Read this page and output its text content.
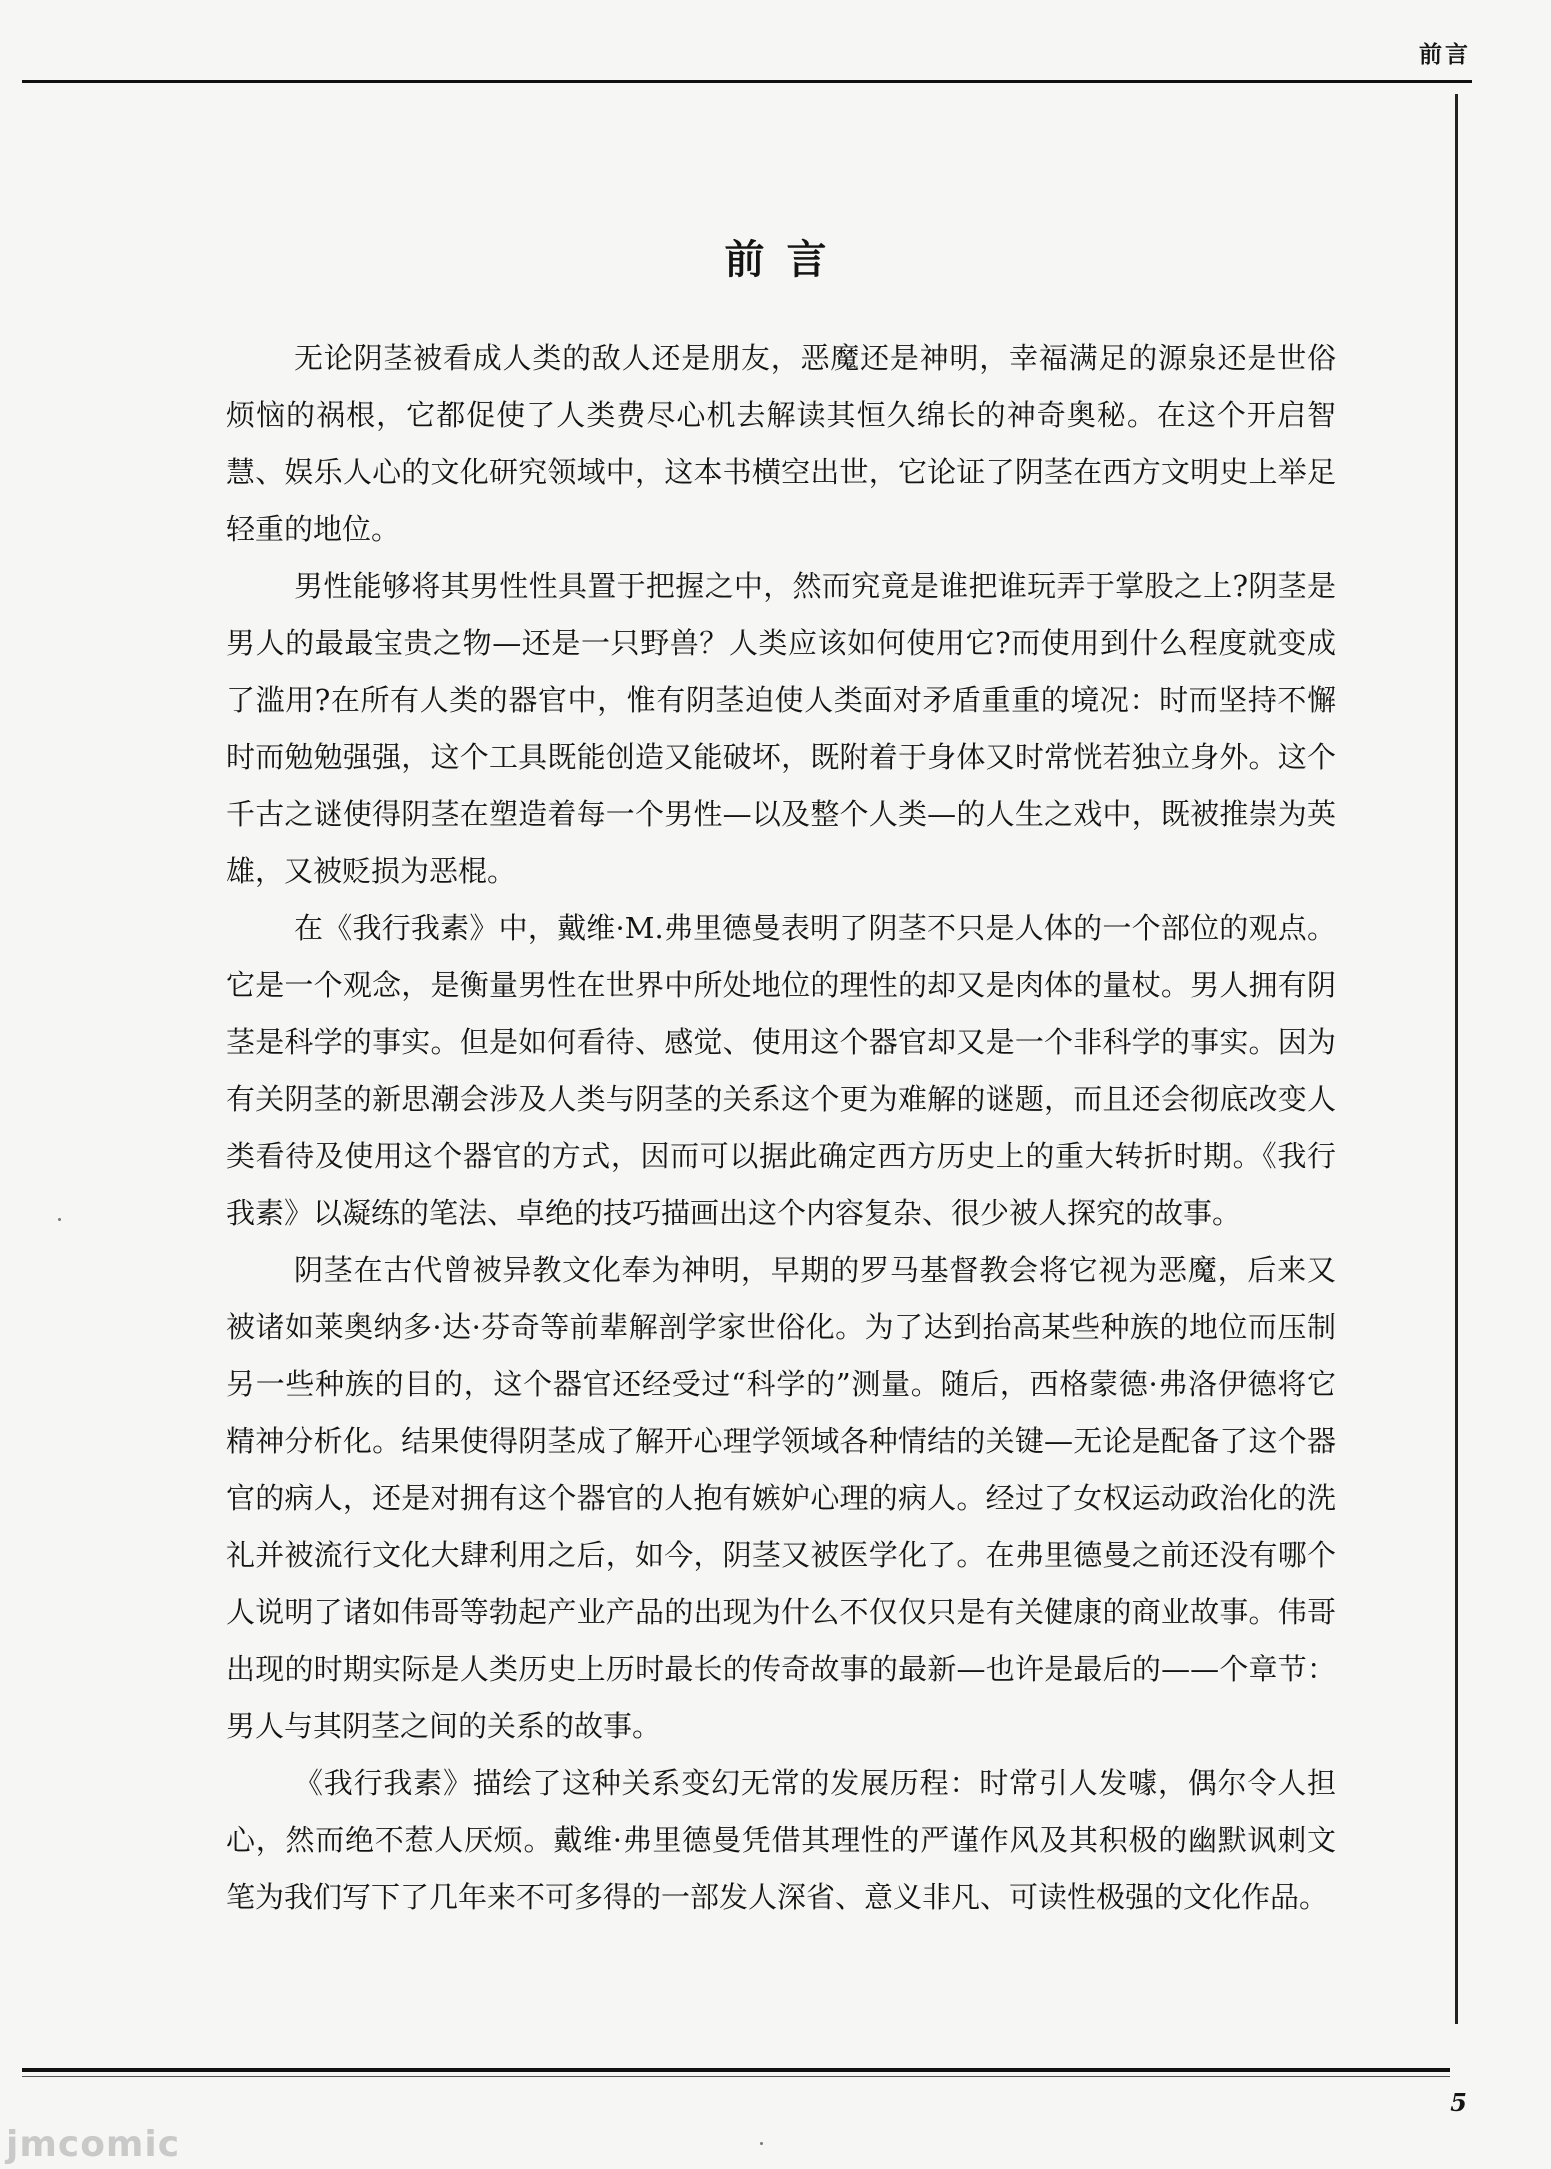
前言
前言

无论阴茎被看成人类的敌人还是朋友，恶魔还是神明，幸福满足的源泉还是世俗烦恼的祸根，它都促使了人类费尽心机去解读其恒久绵长的神奇奥秘。在这个开启智慧、娱乐人心的文化研究领域中，这本书横空出世，它论证了阴茎在西方文明史上举足轻重的地位。

男性能够将其男性性具置于把握之中，然而究竟是谁把谁玩弄于掌股之上?阴茎是男人的最最宝贵之物—还是一只野兽？人类应该如何使用它?而使用到什么程度就变成了滥用?在所有人类的器官中，惟有阴茎迫使人类面对矛盾重重的境况：时而坚持不懈时而勉勉强强，这个工具既能创造又能破坏，既附着于身体又时常恍若独立身外。这个千古之谜使得阴茎在塑造着每一个男性—以及整个人类—的人生之戏中，既被推崇为英雄，又被贬损为恶棍。

在《我行我素》中，戴维·M.弗里德曼表明了阴茎不只是人体的一个部位的观点。它是一个观念，是衡量男性在世界中所处地位的理性的却又是肉体的量杖。男人拥有阴茎是科学的事实。但是如何看待、感觉、使用这个器官却又是一个非科学的事实。因为有关阴茎的新思潮会涉及人类与阴茎的关系这个更为难解的谜题，而且还会彻底改变人类看待及使用这个器官的方式，因而可以据此确定西方历史上的重大转折时期。《我行我素》以凝练的笔法、卓绝的技巧描画出这个内容复杂、很少被人探究的故事。

阴茎在古代曾被异教文化奉为神明，早期的罗马基督教会将它视为恶魔，后来又被诸如莱奥纳多·达·芬奇等前辈解剖学家世俗化。为了达到抬高某些种族的地位而压制另一些种族的目的，这个器官还经受过“科学的”测量。随后，西格蒙德·弗洛伊德将它精神分析化。结果使得阴茎成了解开心理学领域各种情结的关键—无论是配备了这个器官的病人，还是对拥有这个器官的人抱有嫉妒心理的病人。经过了女权运动政治化的洗礼并被流行文化大肆利用之后，如今，阴茎又被医学化了。在弗里德曼之前还没有哪个人说明了诸如伟哥等勃起产业产品的出现为什么不仅仅只是有关健康的商业故事。伟哥出现的时期实际是人类历史上历时最长的传奇故事的最新—也许是最后的——个章节：男人与其阴茎之间的关系的故事。

《我行我素》描绘了这种关系变幻无常的发展历程：时常引人发噱，偶尔令人担心，然而绝不惹人厌烦。戴维·弗里德曼凭借其理性的严谨作风及其积极的幽默讽刺文笔为我们写下了几年来不可多得的一部发人深省、意义非凡、可读性极强的文化作品。

5
jmcomic
